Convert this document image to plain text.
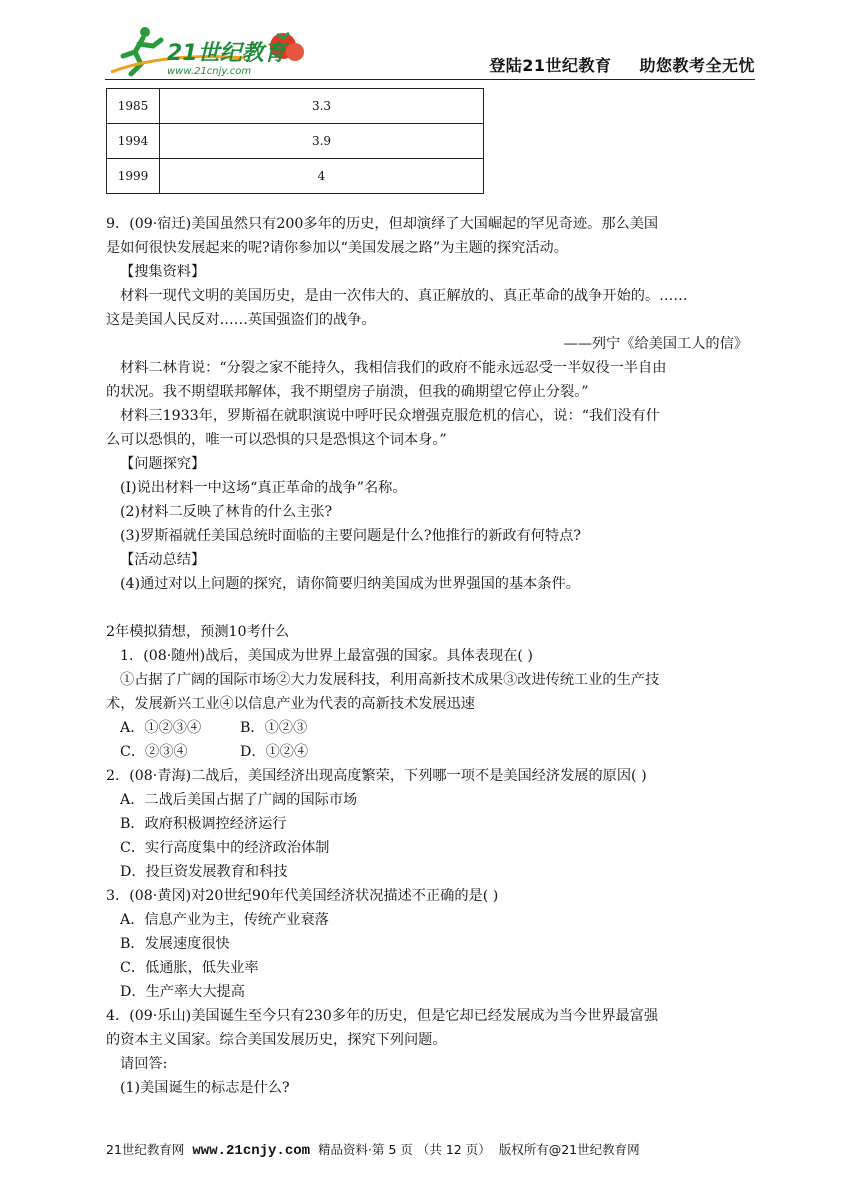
21世纪教育
www.21cnjy.com	登陆21世纪教育 助您教考全无忧
1985	3.3
1994	3.9
1999	4

9．(09·宿迁)美国虽然只有200多年的历史，但却演绎了大国崛起的罕见奇迹。那么美国

是如何很快发展起来的呢?请你参加以“美国发展之路”为主题的探究活动。

【搜集资料】

材料一现代文明的美国历史，是由一次伟大的、真正解放的、真正革命的战争开始的。……

这是美国人民反对……英国强盗们的战争。

——列宁《给美国工人的信》

材料二林肯说：“分裂之家不能持久，我相信我们的政府不能永远忍受一半奴役一半自由

的状况。我不期望联邦解体，我不期望房子崩溃，但我的确期望它停止分裂。”

材料三1933年，罗斯福在就职演说中呼吁民众增强克服危机的信心，说：“我们没有什

么可以恐惧的，唯一可以恐惧的只是恐惧这个词本身。”

【问题探究】

(I)说出材料一中这场“真正革命的战争”名称。

(2)材料二反映了林肯的什么主张?

(3)罗斯福就任美国总统时面临的主要问题是什么?他推行的新政有何特点?

【活动总结】

(4)通过对以上问题的探究，请你简要归纳美国成为世界强国的基本条件。

2年模拟猜想，预测10考什么

1．(08·随州)战后，美国成为世界上最富强的国家。具体表现在( )

①占据了广阔的国际市场②大力发展科技，利用高新技术成果③改进传统工业的生产技

术，发展新兴工业④以信息产业为代表的高新技术发展迅速

A．①②③④	B．①②③

C．②③④	D．①②④

2．(08·青海)二战后，美国经济出现高度繁荣，下列哪一项不是美国经济发展的原因( )

A．二战后美国占据了广阔的国际市场

B．政府积极调控经济运行

C．实行高度集中的经济政治体制

D．投巨资发展教育和科技

3．(08·黄冈)对20世纪90年代美国经济状况描述不正确的是( )

A．信息产业为主，传统产业衰落

B．发展速度很快

C．低通胀，低失业率

D．生产率大大提高

4．(09·乐山)美国诞生至今只有230多年的历史，但是它却已经发展成为当今世界最富强

的资本主义国家。综合美国发展历史，探究下列问题。

请回答:

(1)美国诞生的标志是什么?

21世纪教育网 www.21cnjy.com 精品资料·第 5 页 （共 12 页） 版权所有@21世纪教育网
